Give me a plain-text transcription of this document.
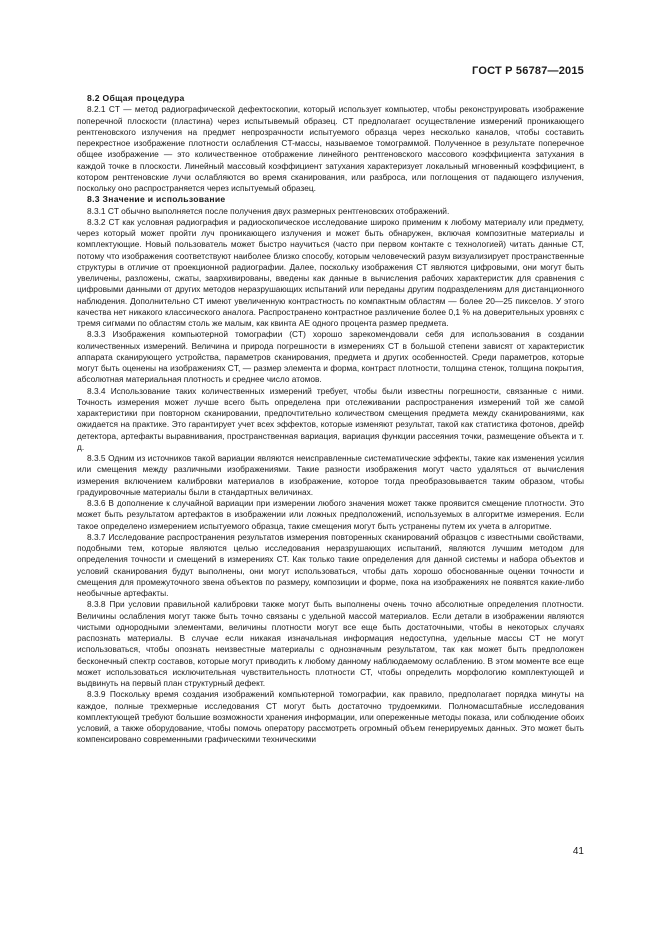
ГОСТ Р 56787—2015
8.2 Общая процедура

8.2.1 CT — метод радиографической дефектоскопии, который использует компьютер, чтобы реконструировать изображение поперечной плоскости (пластина) через испытывемый образец. CT предполагает осуществление измерений проникающего рентгеновского излучения на предмет непрозрачности испытуемого образца через несколько каналов, чтобы составить перекрестное изображение плотности ослабления CT-массы, называемое томограммой. Полученное в результате поперечное общее изображение — это количественное отображение линейного рентгеновского массового коэффициента затухания в каждой точке в плоскости. Линейный массовый коэффициент затухания характеризует локальный мгновенный коэффициент, в котором рентгеновские лучи ослабляются во время сканирования, или разброса, или поглощения от падающего излучения, поскольку оно распространяется через испытуемый образец.

8.3 Значение и использование

8.3.1 CT обычно выполняется после получения двух размерных рентгеновских отображений.

8.3.2 CT как условная радиография и радиоскопическое исследование широко применим к любому материалу или предмету, через который может пройти луч проникающего излучения и может быть обнаружен, включая композитные материалы и комплектующие. Новый пользователь может быстро научиться (часто при первом контакте с технологией) читать данные CT, потому что изображения соответствуют наиболее близко способу, которым человеческий разум визуализирует пространственные структуры в отличие от проекционной радиографии. Далее, поскольку изображения CT являются цифровыми, они могут быть увеличены, разложены, сжаты, заархивированы, введены как данные в вычисления рабочих характеристик для сравнения с цифровыми данными от других методов неразрушающих испытаний или переданы другим подразделениям для дистанционного наблюдения. Дополнительно CT имеют увеличенную контрастность по компактным областям — более 20—25 пикселов. У этого качества нет никакого классического аналога. Распространено контрастное различение более 0,1 % на доверительных уровнях с тремя сигмами по областям столь же малым, как квинта АЕ одного процента размер предмета.

8.3.3 Изображения компьютерной томографии (CT) хорошо зарекомендовали себя для использования в создании количественных измерений. Величина и природа погрешности в измерениях CT в большой степени зависят от характеристик аппарата сканирующего устройства, параметров сканирования, предмета и других особенностей. Среди параметров, которые могут быть оценены на изображениях CT, — размер элемента и форма, контраст плотности, толщина стенок, толщина покрытия, абсолютная материальная плотность и среднее число атомов.

8.3.4 Использование таких количественных измерений требует, чтобы были известны погрешности, связанные с ними. Точность измерения может лучше всего быть определена при отслеживании распространения измерений той же самой характеристики при повторном сканировании, предпочтительно количеством смещения предмета между сканированиями, как ожидается на практике. Это гарантирует учет всех эффектов, которые изменяют результат, такой как статистика фотонов, дрейф детектора, артефакты выравнивания, пространственная вариация, вариация функции рассеяния точки, размещение объекта и т. д.

8.3.5 Одним из источников такой вариации являются неисправленные систематические эффекты, такие как изменения усилия или смещения между различными изображениями. Такие разности изображения могут часто удаляться от вычисления измерения включением калибровки материалов в изображение, которое тогда преобразовывается таким образом, чтобы градуировочные материалы были в стандартных величинах.

8.3.6 В дополнение к случайной вариации при измерении любого значения может также проявится смещение плотности. Это может быть результатом артефактов в изображении или ложных предположений, используемых в алгоритме измерения. Если такое определено измерением испытуемого образца, такие смещения могут быть устранены путем их учета в алгоритме.

8.3.7 Исследование распространения результатов измерения повторенных сканирований образцов с известными свойствами, подобными тем, которые являются целью исследования неразрушающих испытаний, являются лучшим методом для определения точности и смещений в измерениях CT. Как только такие определения для данной системы и набора объектов и условий сканирования будут выполнены, они могут использоваться, чтобы дать хорошо обоснованные оценки точности и смещения для промежуточного звена объектов по размеру, композиции и форме, пока на изображениях не появятся какие-либо необычные артефакты.

8.3.8 При условии правильной калибровки также могут быть выполнены очень точно абсолютные определения плотности. Величины ослабления могут также быть точно связаны с удельной массой материалов. Если детали в изображении являются чистыми однородными элементами, величины плотности могут все еще быть достаточными, чтобы в некоторых случаях распознать материалы. В случае если никакая изначальная информация недоступна, удельные массы CT не могут использоваться, чтобы опознать неизвестные материалы с однозначным результатом, так как может быть предположен бесконечный спектр составов, которые могут приводить к любому данному наблюдаемому ослаблению. В этом моменте все еще может использоваться исключительная чувствительность плотности CT, чтобы определить морфологию комплектующей и выдвинуть на первый план структурный дефект.

8.3.9 Поскольку время создания изображений компьютерной томографии, как правило, предполагает порядка минуты на каждое, полные трехмерные исследования CT могут быть достаточно трудоемкими. Полномасштабные исследования комплектующей требуют большие возможности хранения информации, или опереженные методы показа, или соблюдение обоих условий, а также оборудование, чтобы помочь оператору рассмотреть огромный объем генерируемых данных. Это может быть компенсировано современными графическими техническими

41
